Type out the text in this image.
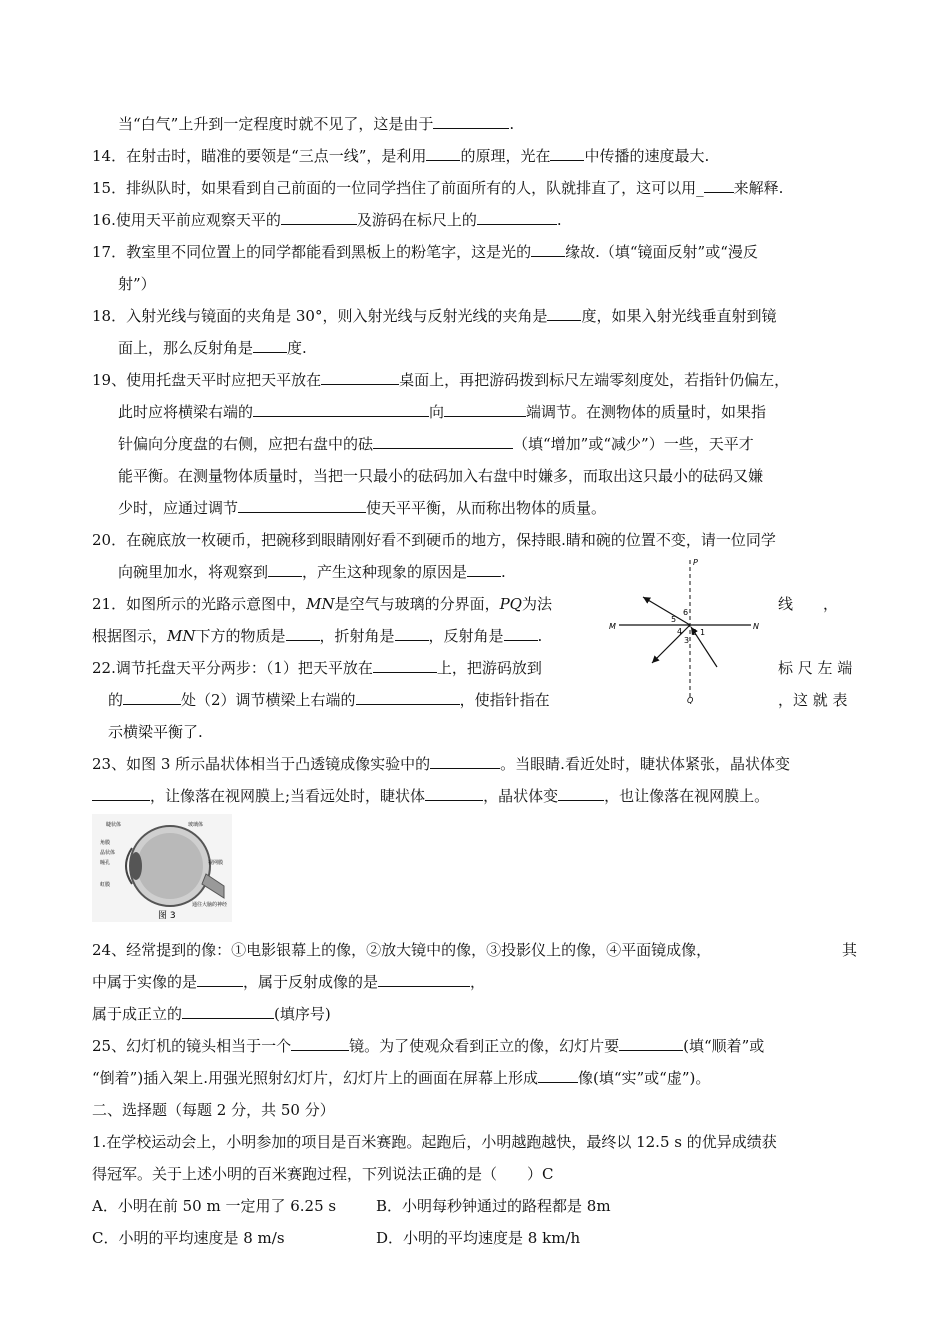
当“白气”上升到一定程度时就不见了，这是由于	.
14．在射击时，瞄准的要领是“三点一线”，是利用 的原理，光在 中传播的速度最大.
15．排纵队时，如果看到自己前面的一位同学挡住了前面所有的人，队就排直了，这可以用_ 来解释.
16.使用天平前应观察天平的	及游码在标尺上的	.
17．教室里不同位置上的同学都能看到黑板上的粉笔字，这是光的 缘故.（填“镜面反射”或“漫反
射”）
18．入射光线与镜面的夹角是 30°，则入射光线与反射光线的夹角是 度，如果入射光线垂直射到镜
面上，那么反射角是 度.
19、使用托盘天平时应把天平放在	桌面上，再把游码拨到标尺左端零刻度处，若指针仍偏左，
此时应将横梁右端的	向	端调节。在测物体的质量时，如果指
针偏向分度盘的右侧，应把右盘中的砝	（填“增加”或“减少”）一些，天平才
能平衡。在测量物体质量时，当把一只最小的砝码加入右盘中时嫌多，而取出这只最小的砝码又嫌
少时，应通过调节	使天平平衡，从而称出物体的质量。
20．在碗底放一枚硬币，把碗移到眼睛刚好看不到硬币的地方，保持眼.睛和碗的位置不变，请一位同学
向碗里加水，将观察到 ，产生这种现象的原因是 .
21．如图所示的光路示意图中，MN是空气与玻璃的分界面，PQ为法	线　　，
根据图示，MN下方的物质是 ，折射角是 ，反射角是 .
22.调节托盘天平分两步：（1）把天平放在	上，把游码放到	标 尺 左 端
的	处（2）调节横梁上右端的	，使指针指在	，这 就 表
示横梁平衡了.
P
M	N
Q
1
2
3
4
5
6
23、如图 3 所示晶状体相当于凸透镜成像实验中的	。当眼睛.看近处时，睫状体紧张，晶状体变
，让像落在视网膜上;当看远处时，睫状体	，晶状体变	，也让像落在视网膜上。
睫状体
角膜
晶状体
瞳孔
虹膜
玻璃体
视网膜
通往大脑的神经
图 3
24、经常提到的像：①电影银幕上的像，②放大镜中的像，③投影仪上的像，④平面镜成像，	其
中属于实像的是	，属于反射成像的是	，
属于成正立的	(填序号)
25、幻灯机的镜头相当于一个	镜。为了使观众看到正立的像，幻灯片要	(填“顺着”或
“倒着”)插入架上.用强光照射幻灯片，幻灯片上的画面在屏幕上形成	像(填“实”或“虚”)。
二、选择题（每题 2 分，共 50 分）
1.在学校运动会上，小明参加的项目是百米赛跑。起跑后，小明越跑越快，最终以 12.5 s 的优异成绩获
得冠军。关于上述小明的百米赛跑过程，下列说法正确的是（　　）C
A．小明在前 50 m 一定用了 6.25 s	B．小明每秒钟通过的路程都是 8m
C．小明的平均速度是 8 m/s	D．小明的平均速度是 8 km/h
